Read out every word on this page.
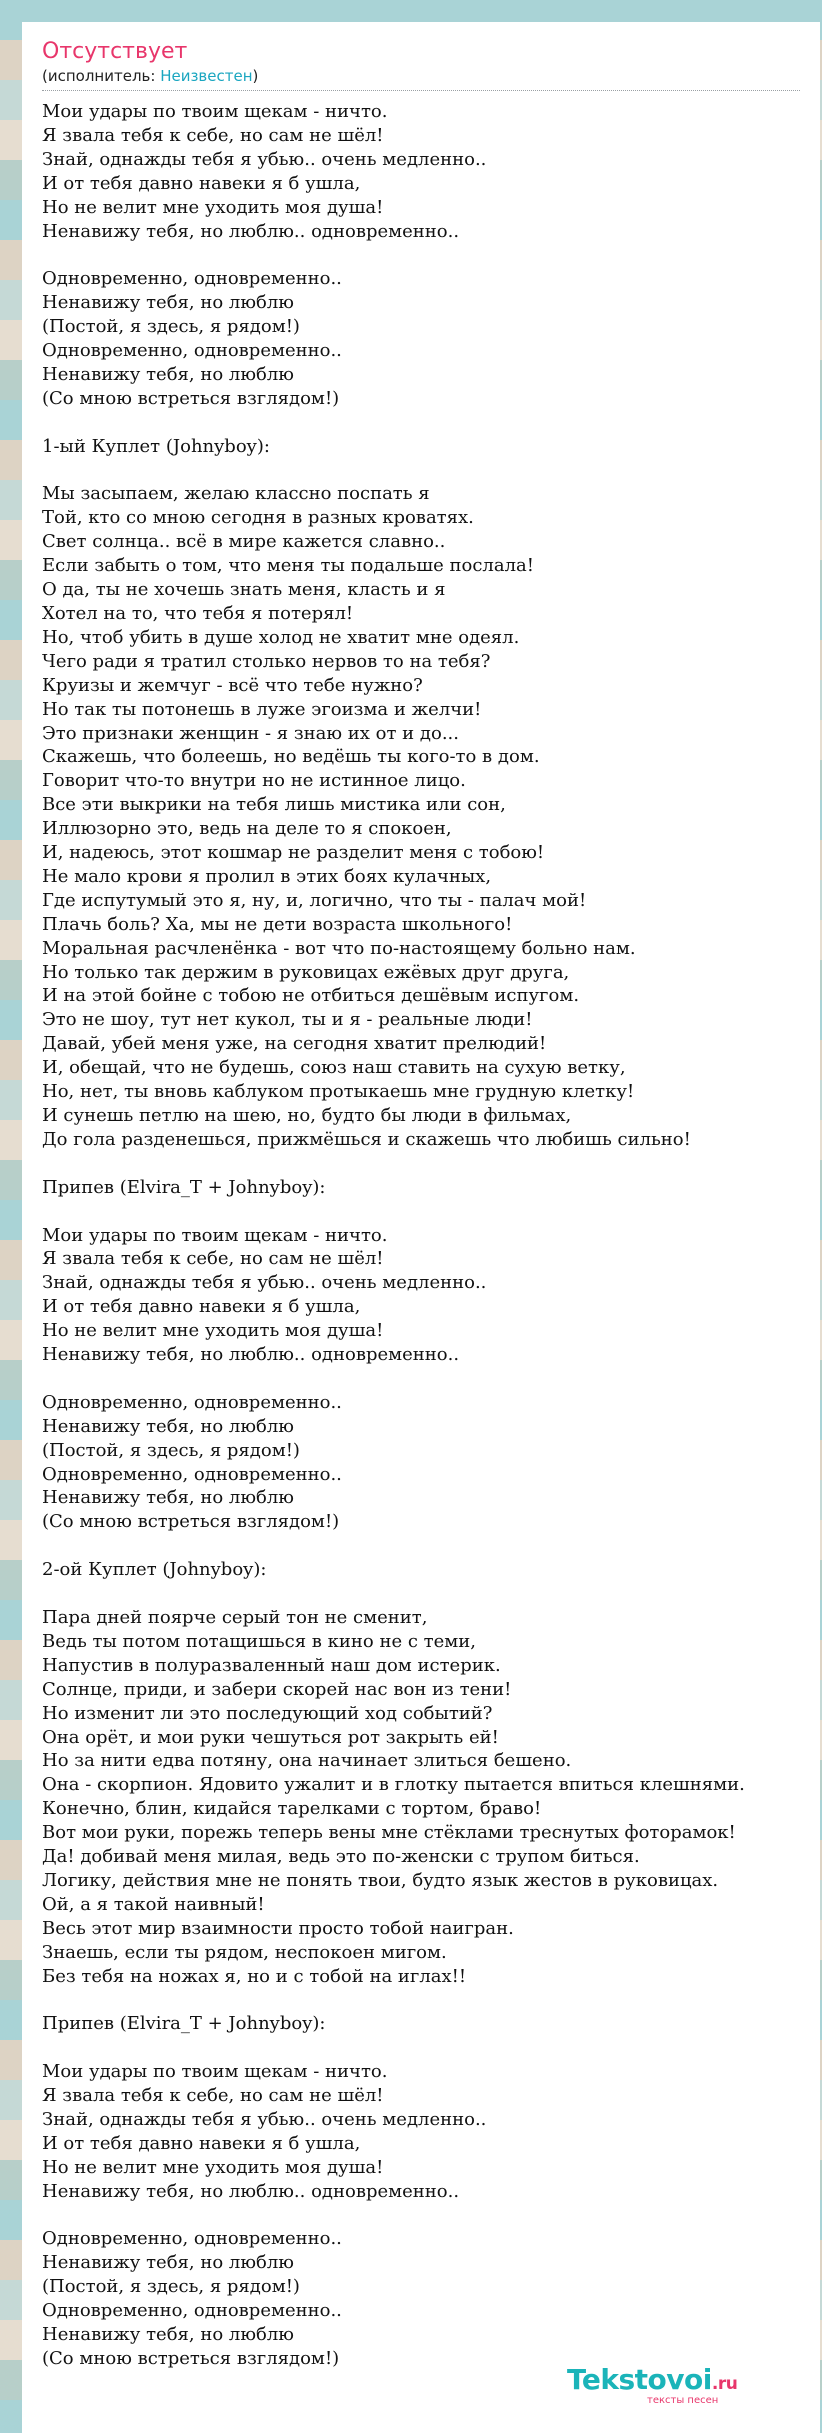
Отсутствует
(исполнитель: Неизвестен)
Мои удары по твоим щекам - ничто.
Я звала тебя к себе, но сам не шёл!
Знай, однажды тебя я убью.. очень медленно..
И от тебя давно навеки я б ушла,
Но не велит мне уходить моя душа!
Ненавижу тебя, но люблю.. одновременно..
Одновременно, одновременно..
Ненавижу тебя, но люблю
(Постой, я здесь, я рядом!)
Одновременно, одновременно..
Ненавижу тебя, но люблю
(Со мною встреться взглядом!)
1-ый Куплет (Johnyboy):
Мы засыпаем, желаю классно поспать я
Той, кто со мною сегодня в разных кроватях.
Свет солнца.. всё в мире кажется славно..
Если забыть о том, что меня ты подальше послала!
О да, ты не хочешь знать меня, класть и я
Хотел на то, что тебя я потерял!
Но, чтоб убить в душе холод не хватит мне одеял.
Чего ради я тратил столько нервов то на тебя?
Круизы и жемчуг - всё что тебе нужно?
Но так ты потонешь в луже эгоизма и желчи!
Это признаки женщин - я знаю их от и до...
Скажешь, что болеешь, но ведёшь ты кого-то в дом.
Говорит что-то внутри но не истинное лицо.
Все эти выкрики на тебя лишь мистика или сон,
Иллюзорно это, ведь на деле то я спокоен,
И, надеюсь, этот кошмар не разделит меня с тобою!
Не мало крови я пролил в этих боях кулачных,
Где испутумый это я, ну, и, логично, что ты - палач мой!
Плачь боль? Ха, мы не дети возраста школьного!
Моральная расчленёнка - вот что по-настоящему больно нам.
Но только так держим в руковицах ежёвых друг друга,
И на этой бойне с тобою не отбиться дешёвым испугом.
Это не шоу, тут нет кукол, ты и я - реальные люди!
Давай, убей меня уже, на сегодня хватит прелюдий!
И, обещай, что не будешь, союз наш ставить на сухую ветку,
Но, нет, ты вновь каблуком протыкаешь мне грудную клетку!
И сунешь петлю на шею, но, будто бы люди в фильмах,
До гола разденешься, прижмёшься и скажешь что любишь сильно!
Припев (Elvira_T + Johnyboy):
Мои удары по твоим щекам - ничто.
Я звала тебя к себе, но сам не шёл!
Знай, однажды тебя я убью.. очень медленно..
И от тебя давно навеки я б ушла,
Но не велит мне уходить моя душа!
Ненавижу тебя, но люблю.. одновременно..
Одновременно, одновременно..
Ненавижу тебя, но люблю
(Постой, я здесь, я рядом!)
Одновременно, одновременно..
Ненавижу тебя, но люблю
(Со мною встреться взглядом!)
2-ой Куплет (Johnyboy):
Пара дней поярче серый тон не сменит,
Ведь ты потом потащишься в кино не с теми,
Напустив в полуразваленный наш дом истерик.
Солнце, приди, и забери скорей нас вон из тени!
Но изменит ли это последующий ход событий?
Она орёт, и мои руки чешуться рот закрыть ей!
Но за нити едва потяну, она начинает злиться бешено.
Она - скорпион. Ядовито ужалит и в глотку пытается впиться клешнями.
Конечно, блин, кидайся тарелками с тортом, браво!
Вот мои руки, порежь теперь вены мне стёклами треснутых фоторамок!
Да! добивай меня милая, ведь это по-женски с трупом биться.
Логику, действия мне не понять твои, будто язык жестов в руковицах.
Ой, а я такой наивный!
Весь этот мир взаимности просто тобой наигран.
Знаешь, если ты рядом, неспокоен мигом.
Без тебя на ножах я, но и с тобой на иглах!!
Припев (Elvira_T + Johnyboy):
Мои удары по твоим щекам - ничто.
Я звала тебя к себе, но сам не шёл!
Знай, однажды тебя я убью.. очень медленно..
И от тебя давно навеки я б ушла,
Но не велит мне уходить моя душа!
Ненавижу тебя, но люблю.. одновременно..
Одновременно, одновременно..
Ненавижу тебя, но люблю
(Постой, я здесь, я рядом!)
Одновременно, одновременно..
Ненавижу тебя, но люблю
(Со мною встреться взглядом!)
Tekstovoi.ru
тексты песен
